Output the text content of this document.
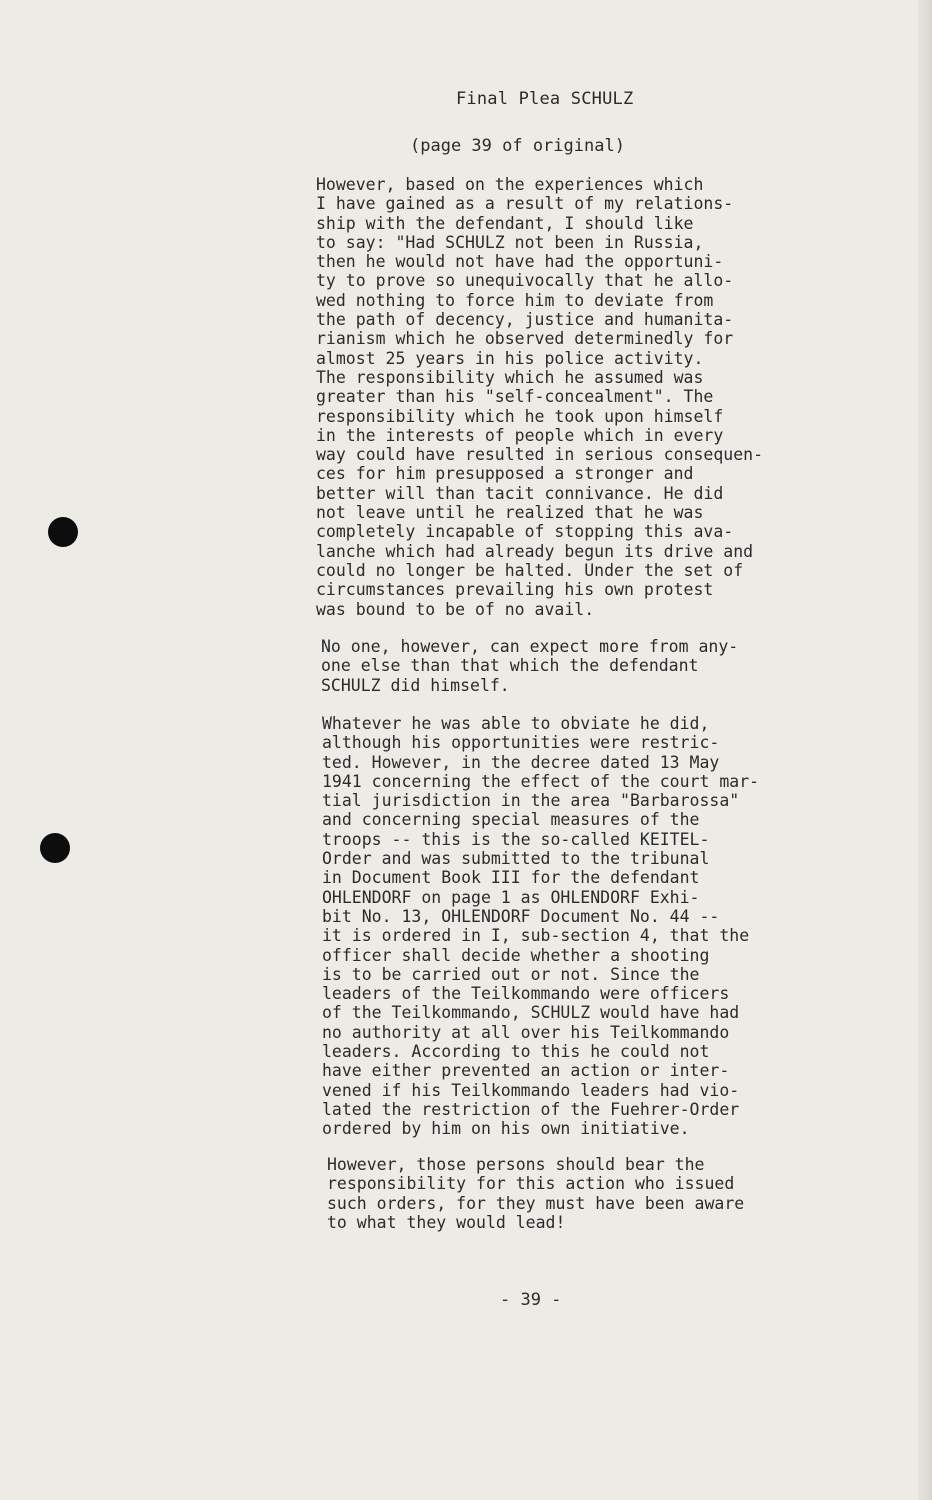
Final Plea SCHULZ
(page 39 of original)
However, based on the experiences which
I have gained as a result of my relations-
ship with the defendant, I should like
to say: "Had SCHULZ not been in Russia,
then he would not have had the opportuni-
ty to prove so unequivocally that he allo-
wed nothing to force him to deviate from
the path of decency, justice and humanita-
rianism which he observed determinedly for
almost 25 years in his police activity.
The responsibility which he assumed was
greater than his "self-concealment". The
responsibility which he took upon himself
in the interests of people which in every
way could have resulted in serious consequen-
ces for him presupposed a stronger and
better will than tacit connivance. He did
not leave until he realized that he was
completely incapable of stopping this ava-
lanche which had already begun its drive and
could no longer be halted. Under the set of
circumstances prevailing his own protest
was bound to be of no avail.
No one, however, can expect more from any-
one else than that which the defendant
SCHULZ did himself.
Whatever he was able to obviate he did,
although his opportunities were restric-
ted. However, in the decree dated 13 May
1941 concerning the effect of the court mar-
tial jurisdiction in the area "Barbarossa"
and concerning special measures of the
troops -- this is the so-called KEITEL-
Order and was submitted to the tribunal
in Document Book III for the defendant
OHLENDORF on page 1 as OHLENDORF Exhi-
bit No. 13, OHLENDORF Document No. 44 --
it is ordered in I, sub-section 4, that the
officer shall decide whether a shooting
is to be carried out or not. Since the
leaders of the Teilkommando were officers
of the Teilkommando, SCHULZ would have had
no authority at all over his Teilkommando
leaders. According to this he could not
have either prevented an action or inter-
vened if his Teilkommando leaders had vio-
lated the restriction of the Fuehrer-Order
ordered by him on his own initiative.
However, those persons should bear the
responsibility for this action who issued
such orders, for they must have been aware
to what they would lead!
- 39 -
